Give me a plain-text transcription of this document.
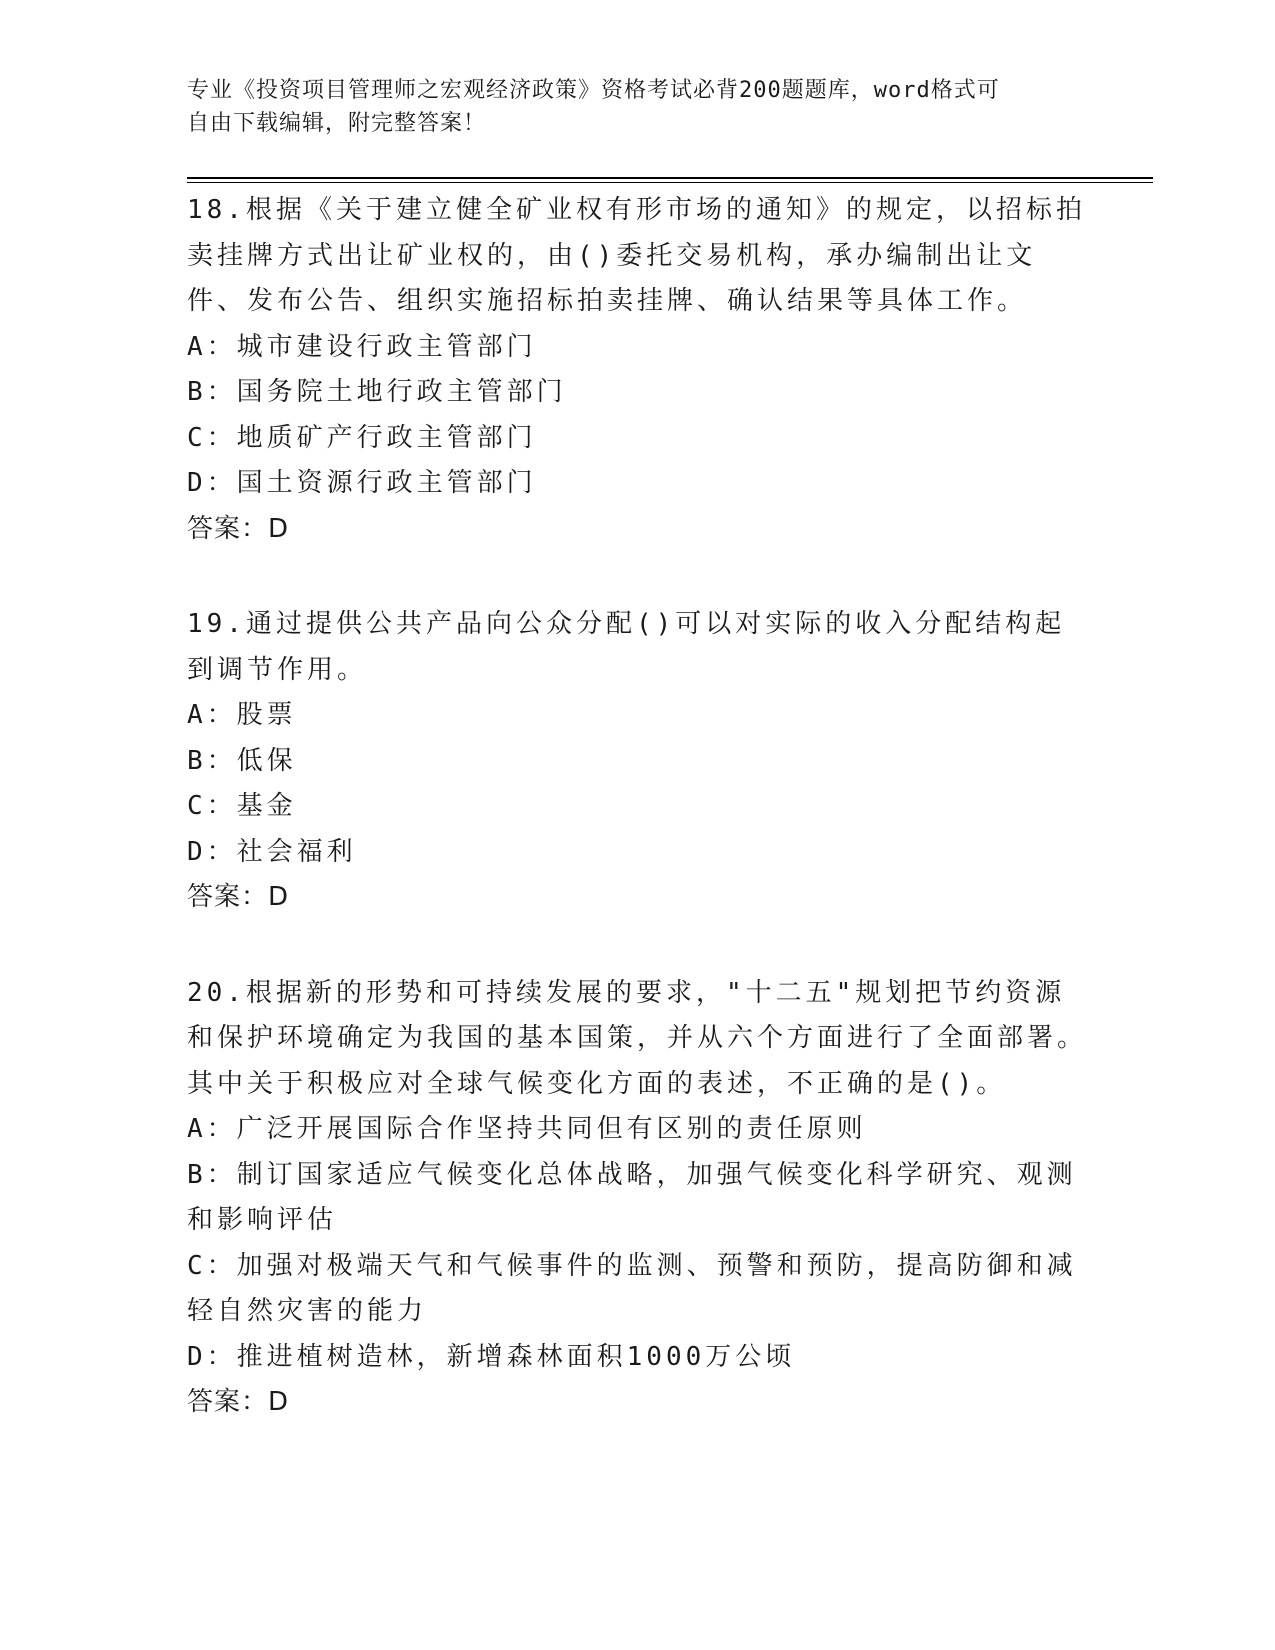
专业《投资项目管理师之宏观经济政策》资格考试必背200题题库，word格式可
自由下载编辑，附完整答案！

18.根据《关于建立健全矿业权有形市场的通知》的规定，以招标拍卖挂牌方式出让矿业权的，由()委托交易机构，承办编制出让文件、发布公告、组织实施招标拍卖挂牌、确认结果等具体工作。

A：城市建设行政主管部门

B：国务院土地行政主管部门

C：地质矿产行政主管部门

D：国土资源行政主管部门

答案：D

19.通过提供公共产品向公众分配()可以对实际的收入分配结构起到调节作用。

A：股票

B：低保

C：基金

D：社会福利

答案：D

20.根据新的形势和可持续发展的要求，"十二五"规划把节约资源和保护环境确定为我国的基本国策，并从六个方面进行了全面部署。其中关于积极应对全球气候变化方面的表述，不正确的是()。

A：广泛开展国际合作坚持共同但有区别的责任原则

B：制订国家适应气候变化总体战略，加强气候变化科学研究、观测和影响评估

C：加强对极端天气和气候事件的监测、预警和预防，提高防御和减轻自然灾害的能力

D：推进植树造林，新增森林面积1000万公顷

答案：D
